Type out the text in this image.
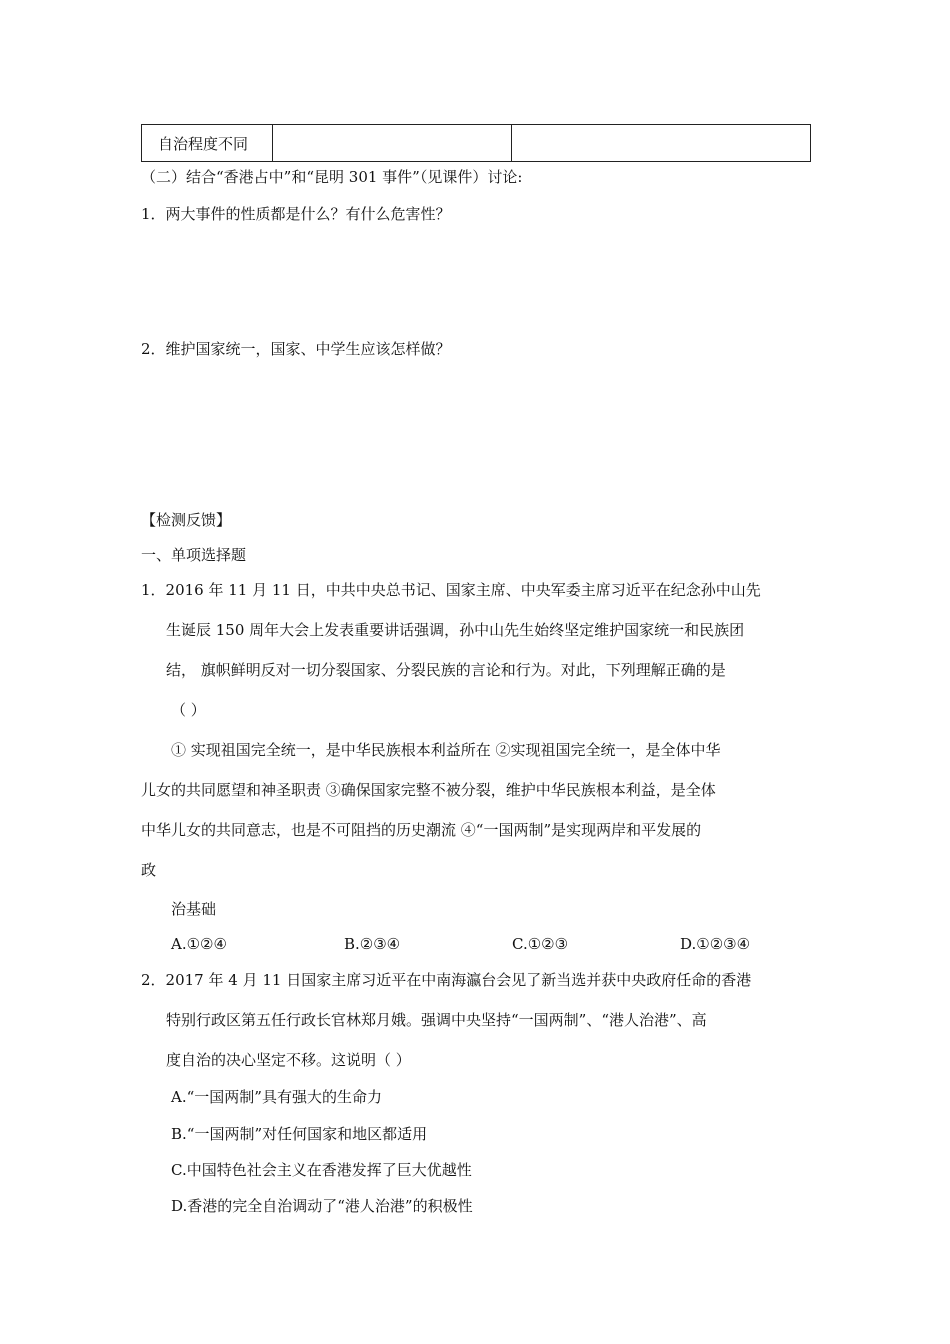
自治程度不同		
（二）结合“香港占中”和“昆明 301 事件”（见课件）讨论:
1．两大事件的性质都是什么？有什么危害性？
2．维护国家统一，国家、中学生应该怎样做？
【检测反馈】
一、单项选择题
1．2016 年 11 月 11 日，中共中央总书记、国家主席、中央军委主席习近平在纪念孙中山先
生诞辰 150 周年大会上发表重要讲话强调，孙中山先生始终坚定维护国家统一和民族团
结， 旗帜鲜明反对一切分裂国家、分裂民族的言论和行为。对此，下列理解正确的是
（ ）
① 实现祖国完全统一，是中华民族根本利益所在 ②实现祖国完全统一，是全体中华
儿女的共同愿望和神圣职责 ③确保国家完整不被分裂，维护中华民族根本利益，是全体
中华儿女的共同意志，也是不可阻挡的历史潮流 ④“一国两制”是实现两岸和平发展的
政
治基础
A.①②④	B.②③④	C.①②③	D.①②③④
2．2017 年 4 月 11 日国家主席习近平在中南海瀛台会见了新当选并获中央政府任命的香港
特别行政区第五任行政长官林郑月娥。强调中央坚持“一国两制”、“港人治港”、高
度自治的决心坚定不移。这说明（ ）
A.“一国两制”具有强大的生命力
B.“一国两制”对任何国家和地区都适用
C.中国特色社会主义在香港发挥了巨大优越性
D.香港的完全自治调动了“港人治港”的积极性
